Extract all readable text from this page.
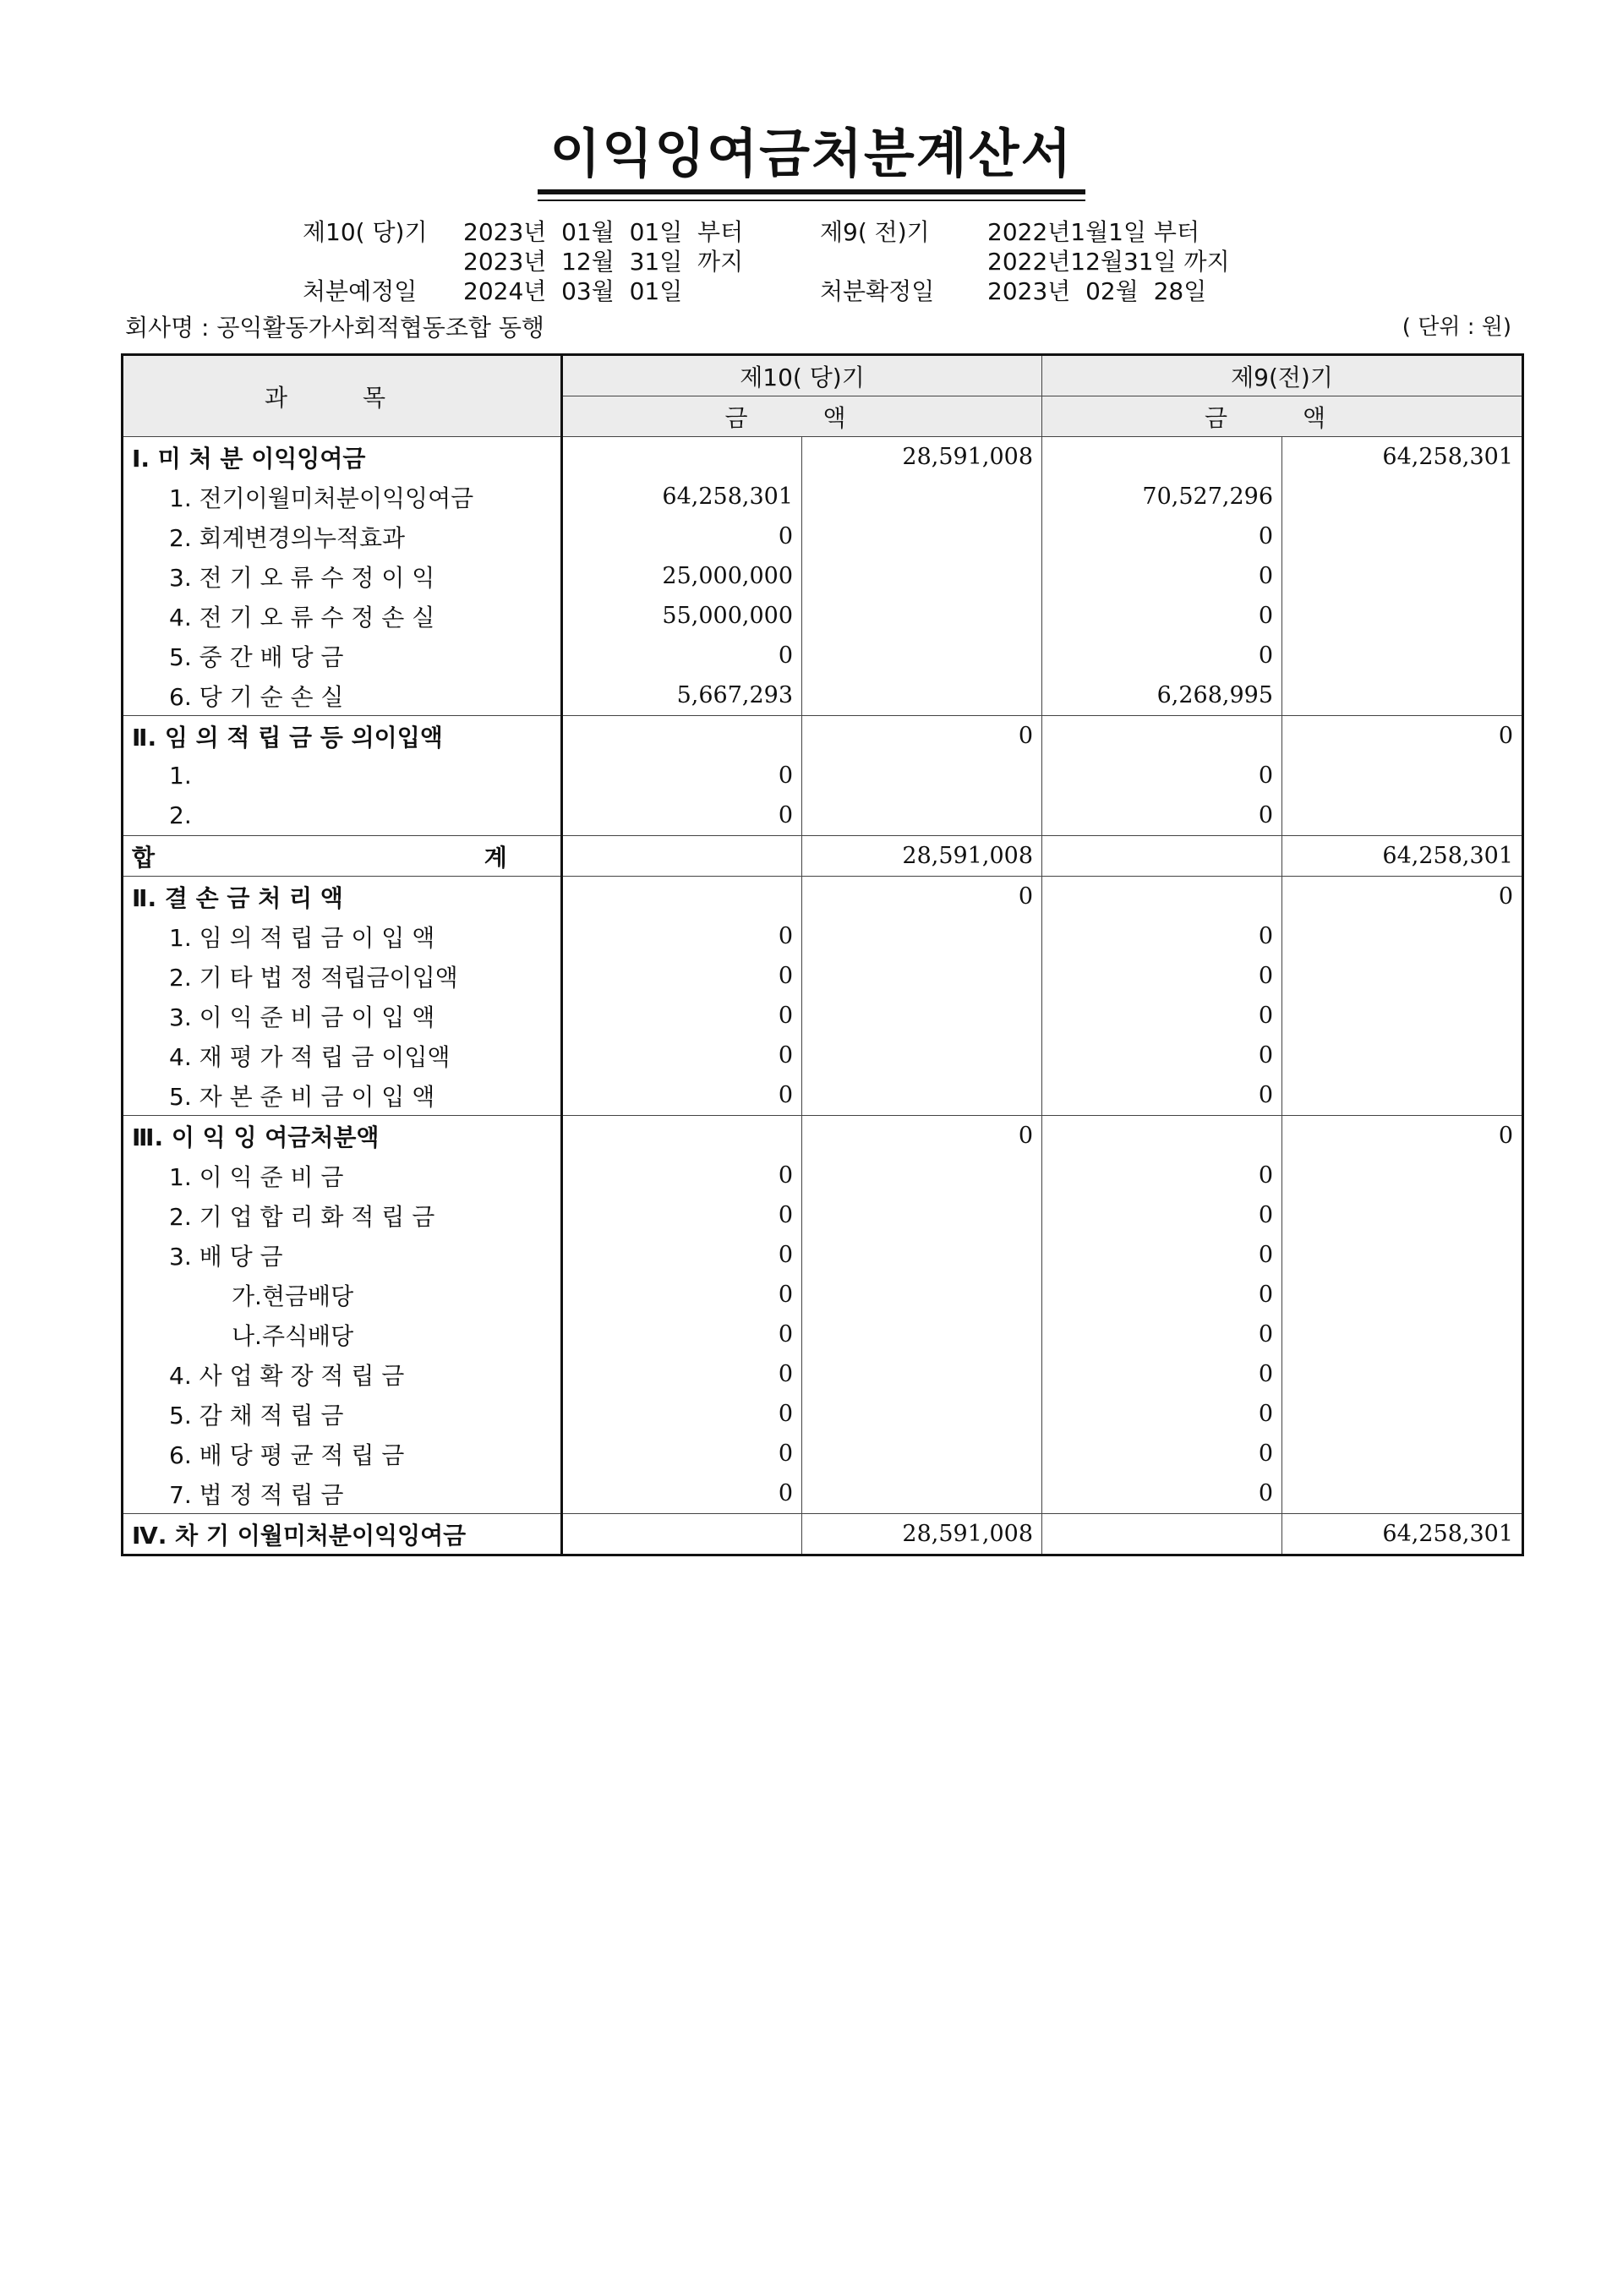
이익잉여금처분계산서
제10( 당)기 2023년  01월  01일  부터
2023년  12월  31일  까지
처분예정일 2024년  03월  01일
제9( 전)기 2022년1월1일 부터
2022년12월31일 까지
처분확정일 2023년  02월  28일
회사명 : 공익활동가사회적협동조합 동행	( 단위 : 원)
과 목	제10( 당)기		제9(전)기	
	금 액		금 액	
Ⅰ. 미 처 분 이익잉여금		28,591,008		64,258,301
1. 전기이월미처분이익잉여금	64,258,301		70,527,296	
2. 회계변경의누적효과	0		0	
3. 전 기 오 류 수 정 이 익	25,000,000		0	
4. 전 기 오 류 수 정 손 실	55,000,000		0	
5. 중 간 배 당 금	0		0	
6. 당 기 순 손 실	5,667,293		6,268,995	
Ⅱ. 임 의 적 립 금 등 의이입액		0		0
1.	0		0	
2.	0		0	
합 계		28,591,008		64,258,301
Ⅱ. 결 손 금 처 리 액		0		0
1. 임 의 적 립 금 이 입 액	0		0	
2. 기 타 법 정 적립금이입액	0		0	
3. 이 익 준 비 금 이 입 액	0		0	
4. 재 평 가 적 립 금 이입액	0		0	
5. 자 본 준 비 금 이 입 액	0		0	
Ⅲ. 이 익 잉 여금처분액		0		0
1. 이 익 준 비 금	0		0	
2. 기 업 합 리 화 적 립 금	0		0	
3. 배 당 금	0		0	
가.현금배당	0		0	
나.주식배당	0		0	
4. 사 업 확 장 적 립 금	0		0	
5. 감 채 적 립 금	0		0	
6. 배 당 평 균 적 립 금	0		0	
7. 법 정 적 립 금	0		0	
Ⅳ. 차 기 이월미처분이익잉여금		28,591,008		64,258,301
